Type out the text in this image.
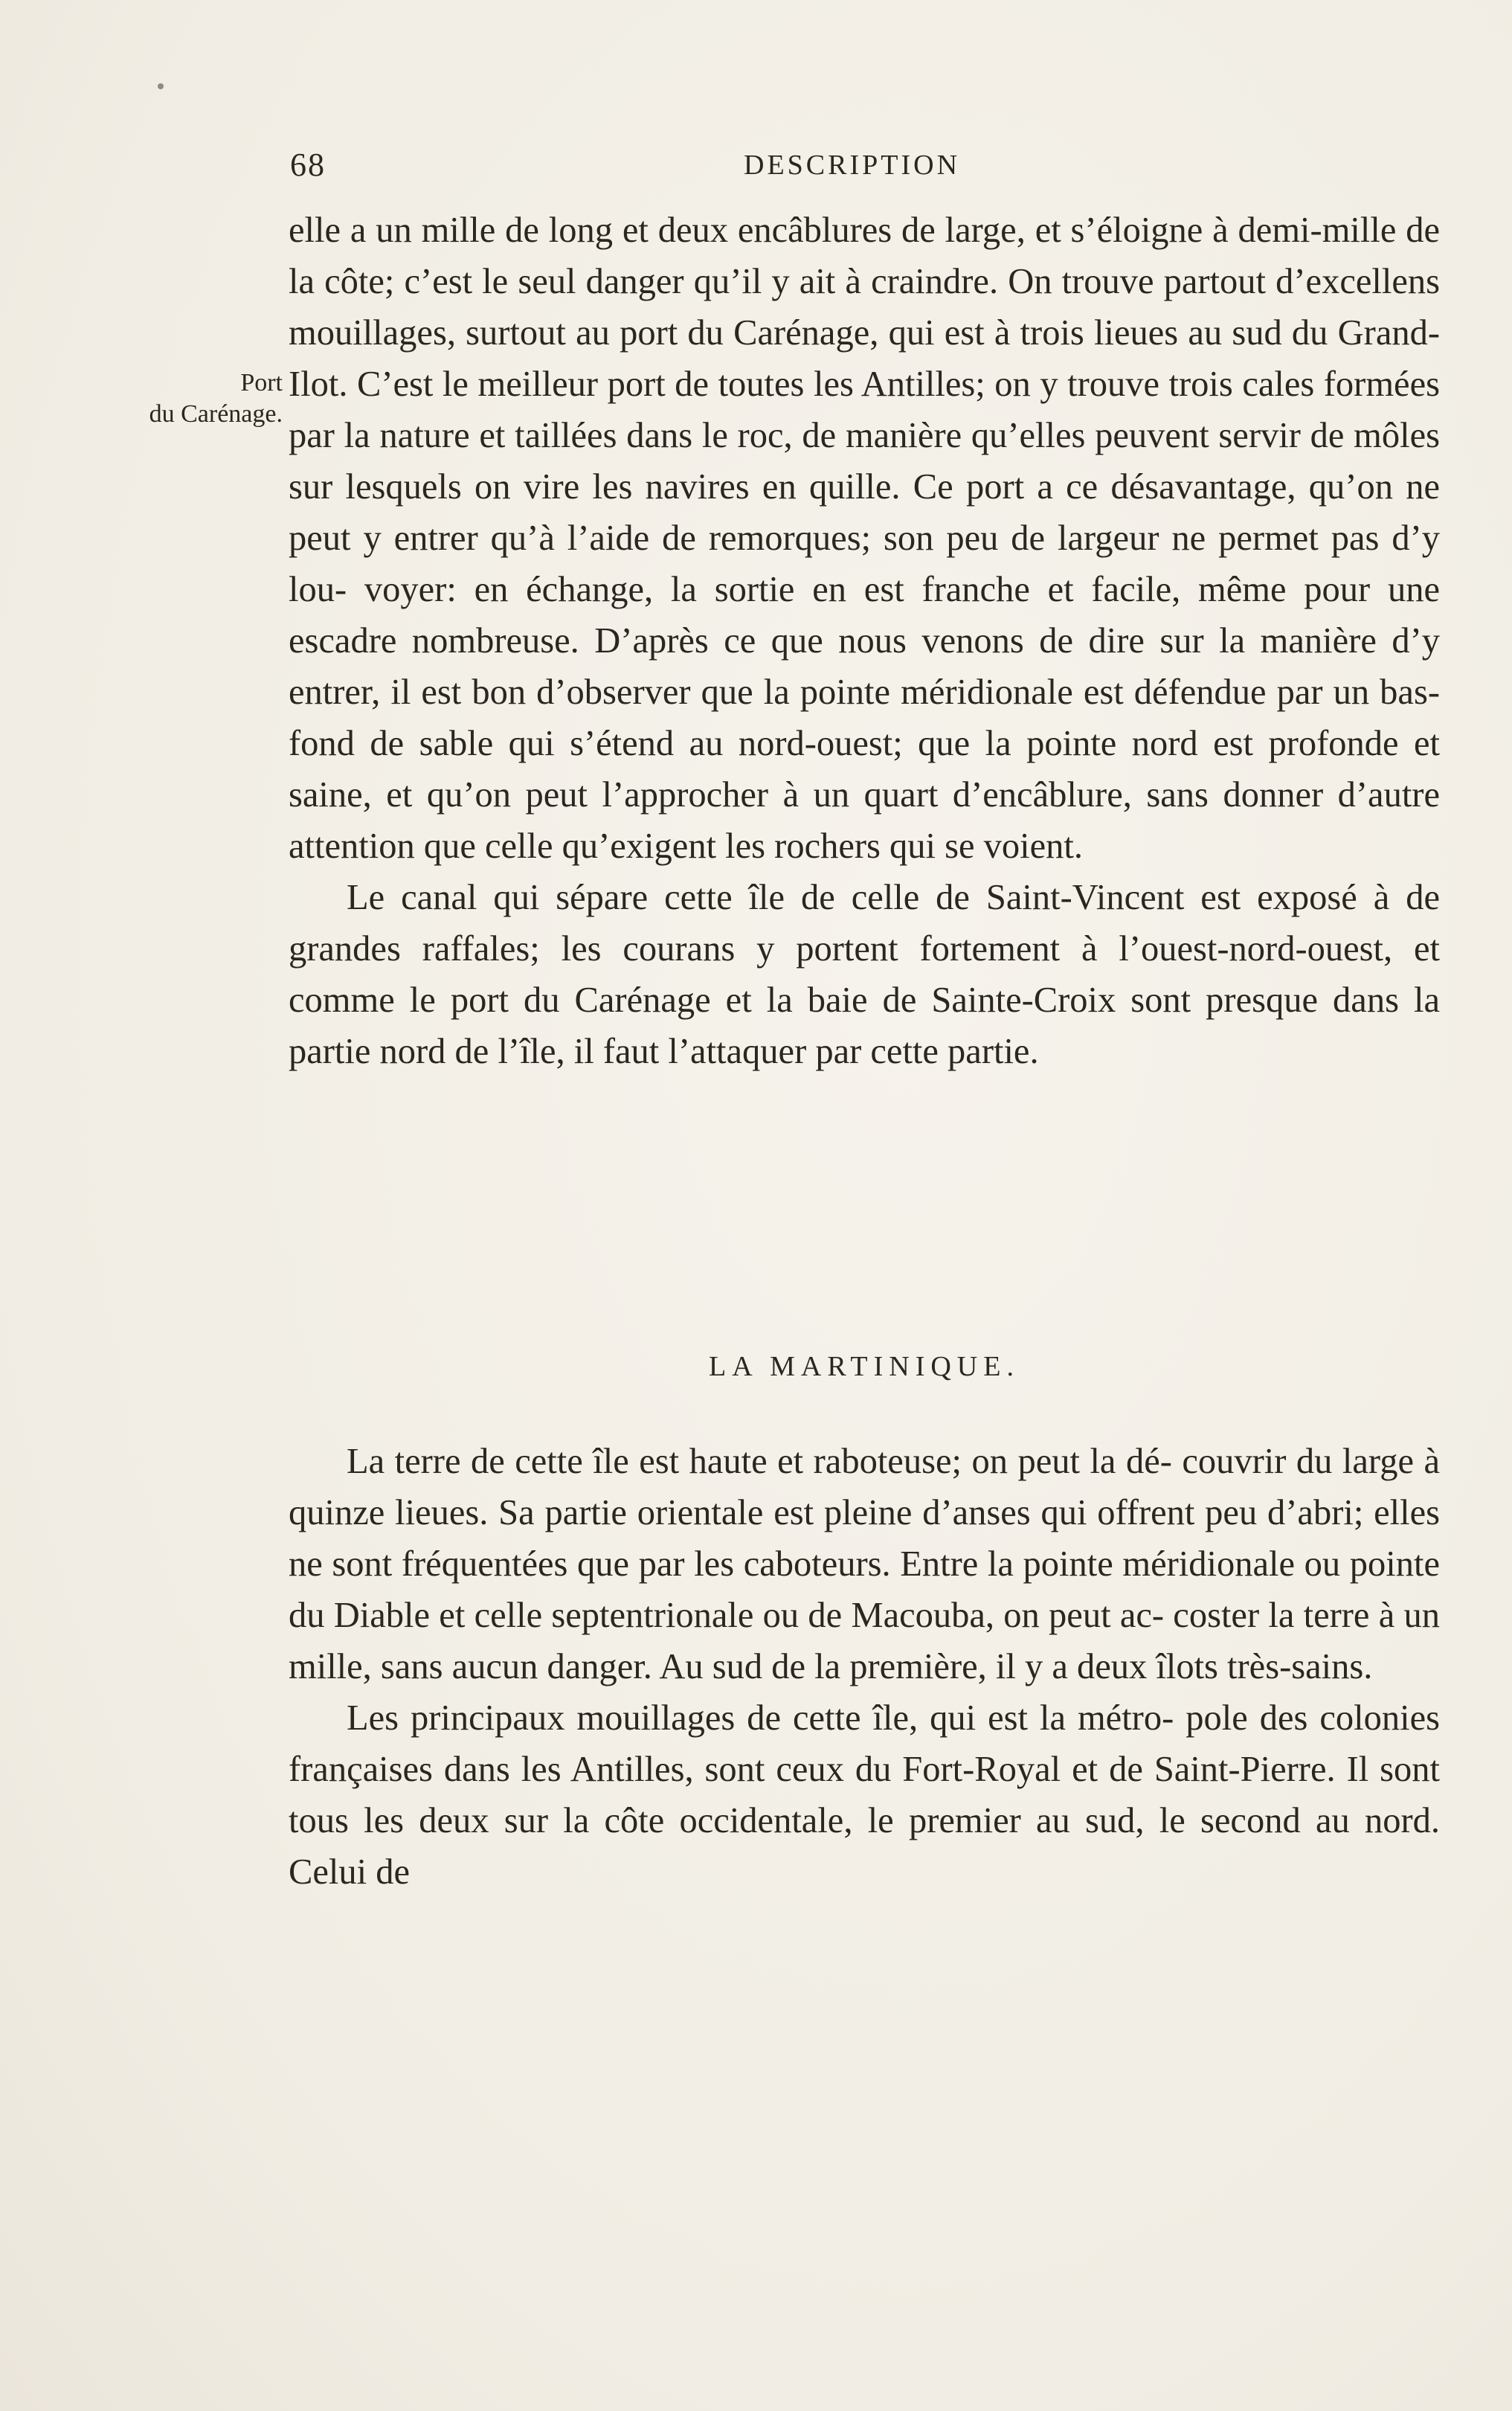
68	DESCRIPTION
Port
du Carénage.

elle a un mille de long et deux encâblures de large, et s’éloigne à demi-mille de la côte; c’est le seul danger qu’il y ait à craindre. On trouve partout d’excellens mouillages, surtout au port du Carénage, qui est à trois lieues au sud du Grand-Ilot. C’est le meilleur port de toutes les Antilles; on y trouve trois cales formées par la nature et taillées dans le roc, de manière qu’elles peuvent servir de môles sur lesquels on vire les navires en quille. Ce port a ce désavantage, qu’on ne peut y entrer qu’à l’aide de remorques; son peu de largeur ne permet pas d’y lou- voyer: en échange, la sortie en est franche et facile, même pour une escadre nombreuse. D’après ce que nous venons de dire sur la manière d’y entrer, il est bon d’observer que la pointe méridionale est défendue par un bas-fond de sable qui s’étend au nord-ouest; que la pointe nord est profonde et saine, et qu’on peut l’approcher à un quart d’encâblure, sans donner d’autre attention que celle qu’exigent les rochers qui se voient.

Le canal qui sépare cette île de celle de Saint-Vincent est exposé à de grandes raffales; les courans y portent fortement à l’ouest-nord-ouest, et comme le port du Carénage et la baie de Sainte-Croix sont presque dans la partie nord de l’île, il faut l’attaquer par cette partie.

LA MARTINIQUE.

La terre de cette île est haute et raboteuse; on peut la dé- couvrir du large à quinze lieues. Sa partie orientale est pleine d’anses qui offrent peu d’abri; elles ne sont fréquentées que par les caboteurs. Entre la pointe méridionale ou pointe du Diable et celle septentrionale ou de Macouba, on peut ac- coster la terre à un mille, sans aucun danger. Au sud de la première, il y a deux îlots très-sains.

Les principaux mouillages de cette île, qui est la métro- pole des colonies françaises dans les Antilles, sont ceux du Fort-Royal et de Saint-Pierre. Il sont tous les deux sur la côte occidentale, le premier au sud, le second au nord. Celui de
